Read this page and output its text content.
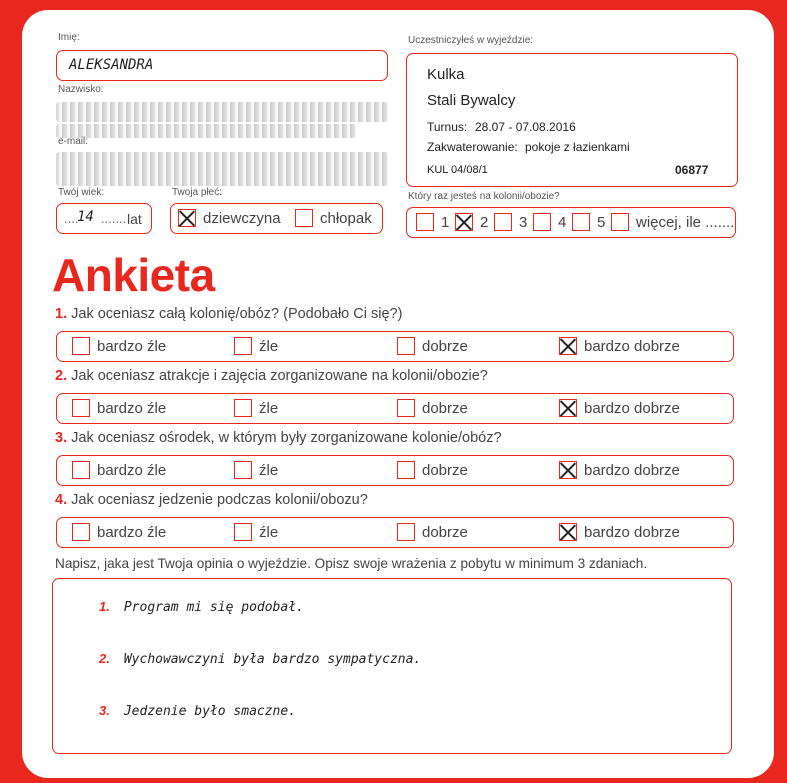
Imię:
ALEKSANDRA
Nazwisko:
e-mail:
Twój wiek:
....
14 ....... lat
Twoja płeć:
dziewczyna	chłopak
Uczestniczyłeś w wyjeździe:
Kulka
Stali Bywalcy
Turnus: 28.07 - 07.08.2016
Zakwaterowanie: pokoje z łazienkami
KUL 04/08/1	06877
Który raz jesteś na kolonii/obozie?
1 2 3 4 5 więcej, ile .......
Ankieta
1. Jak oceniasz całą kolonię/obóz? (Podobało Ci się?)
bardzo źle	źle	dobrze	bardzo dobrze
2. Jak oceniasz atrakcje i zajęcia zorganizowane na kolonii/obozie?
bardzo źle	źle	dobrze	bardzo dobrze
3. Jak oceniasz ośrodek, w którym były zorganizowane kolonie/obóz?
bardzo źle	źle	dobrze	bardzo dobrze
4. Jak oceniasz jedzenie podczas kolonii/obozu?
bardzo źle	źle	dobrze	bardzo dobrze
Napisz, jaka jest Twoja opinia o wyjeździe. Opisz swoje wrażenia z pobytu w minimum 3 zdaniach.
1. Program mi się podobał.
2. Wychowawczyni była bardzo sympatyczna.
3. Jedzenie było smaczne.
